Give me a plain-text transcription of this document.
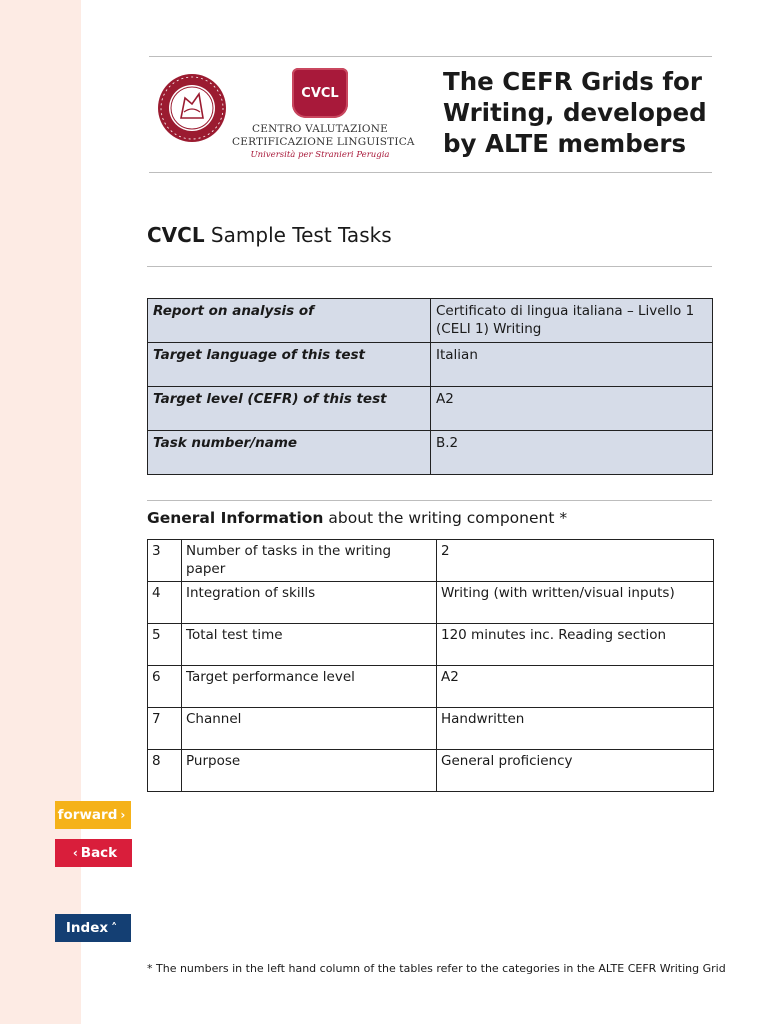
CVCL
CENTRO VALUTAZIONE
CERTIFICAZIONE LINGUISTICA
Università per Stranieri Perugia
The CEFR Grids for
Writing, developed
by ALTE members
CVCL Sample Test Tasks
Report on analysis of	Certificato di lingua italiana – Livello 1 (CELI 1) Writing
Target language of this test	Italian
Target level (CEFR) of this test	A2
Task number/name	B.2
General Information about the writing component *
3	Number of tasks in the writing paper	2
4	Integration of skills	Writing (with written/visual inputs)
5	Total test time	120 minutes inc. Reading section
6	Target performance level	A2
7	Channel	Handwritten
8	Purpose	General proficiency
forward ›
‹ Back
Index ˄
* The numbers in the left hand column of the tables refer to the categories in the ALTE CEFR Writing Grid
